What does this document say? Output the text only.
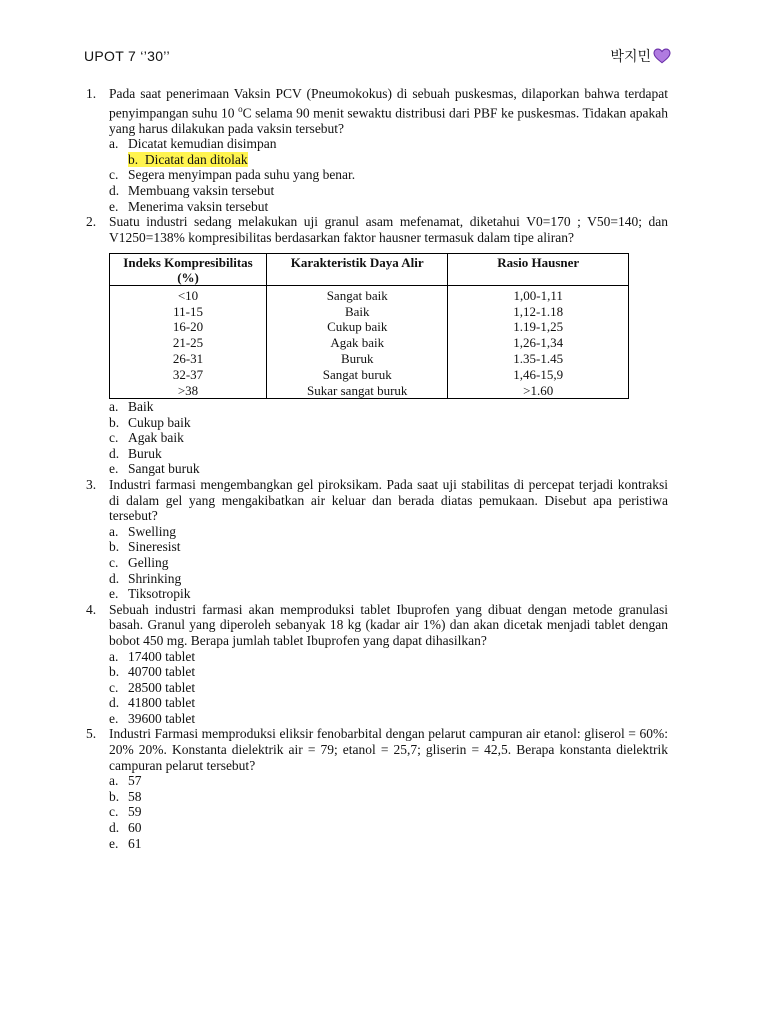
UPOT 7 ‘’30’’	박지민
1. Pada saat penerimaan Vaksin PCV (Pneumokokus) di sebuah puskesmas, dilaporkan bahwa terdapat penyimpangan suhu 10 $^o$C selama 90 menit sewaktu distribusi dari PBF ke puskesmas. Tidakan apakah yang harus dilakukan pada vaksin tersebut?
a. Dicatat kemudian disimpan
b. Dicatat dan ditolak
c. Segera menyimpan pada suhu yang benar.
d. Membuang vaksin tersebut
e. Menerima vaksin tersebut
2. Suatu industri sedang melakukan uji granul asam mefenamat, diketahui V0=170 ; V50=140; dan V1250=138% kompresibilitas berdasarkan faktor hausner termasuk dalam tipe aliran?
Indeks Kompresibilitas (%)	Karakteristik Daya Alir	Rasio Hausner
<10	Sangat baik	1,00-1,11
11-15	Baik	1,12-1.18
16-20	Cukup baik	1.19-1,25
21-25	Agak baik	1,26-1,34
26-31	Buruk	1.35-1.45
32-37	Sangat buruk	1,46-15,9
>38	Sukar sangat buruk	>1.60
a. Baik
b. Cukup baik
c. Agak baik
d. Buruk
e. Sangat buruk
3. Industri farmasi mengembangkan gel piroksikam. Pada saat uji stabilitas di percepat terjadi kontraksi di dalam gel yang mengakibatkan air keluar dan berada diatas pemukaan. Disebut apa peristiwa tersebut?
a. Swelling
b. Sineresist
c. Gelling
d. Shrinking
e. Tiksotropik
4. Sebuah industri farmasi akan memproduksi tablet Ibuprofen yang dibuat dengan metode granulasi basah. Granul yang diperoleh sebanyak 18 kg (kadar air 1%) dan akan dicetak menjadi tablet dengan bobot 450 mg. Berapa jumlah tablet Ibuprofen yang dapat dihasilkan?
a. 17400 tablet
b. 40700 tablet
c. 28500 tablet
d. 41800 tablet
e. 39600 tablet
5. Industri Farmasi memproduksi eliksir fenobarbital dengan pelarut campuran air etanol: gliserol = 60%: 20% 20%. Konstanta dielektrik air = 79; etanol = 25,7; gliserin = 42,5. Berapa konstanta dielektrik campuran pelarut tersebut?
a. 57
b. 58
c. 59
d. 60
e. 61
